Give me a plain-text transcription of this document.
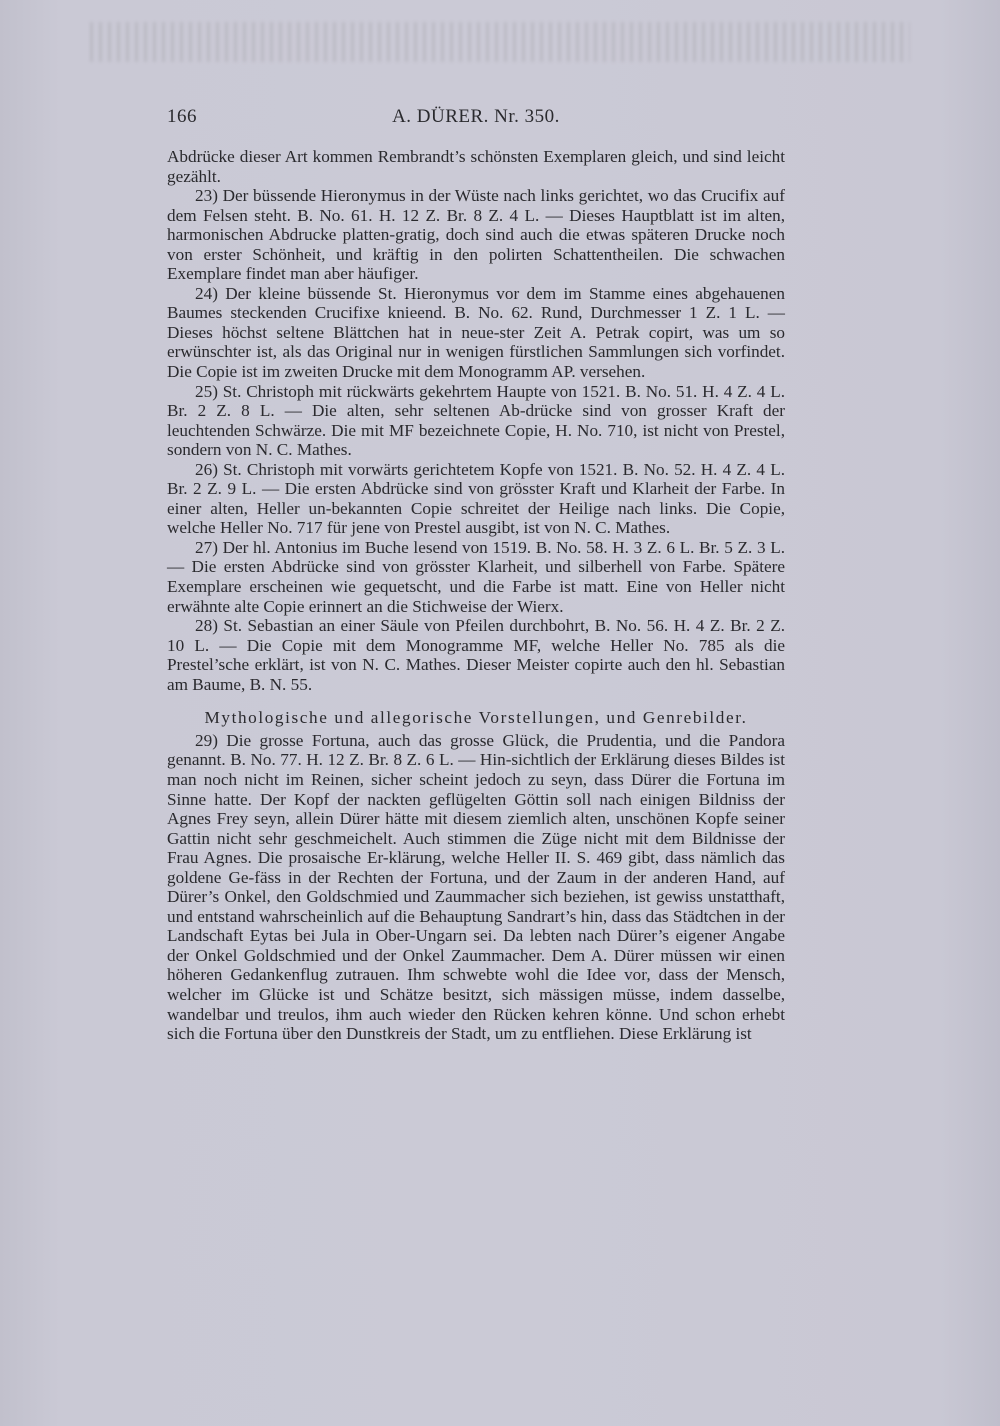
166	A. DÜRER. Nr. 350.

Abdrücke dieser Art kommen Rembrandt’s schönsten Exemplaren gleich, und sind leicht gezählt.

23) Der büssende Hieronymus in der Wüste nach links gerichtet, wo das Crucifix auf dem Felsen steht. B. No. 61. H. 12 Z. Br. 8 Z. 4 L. — Dieses Hauptblatt ist im alten, harmonischen Abdrucke platten-gratig, doch sind auch die etwas späteren Drucke noch von erster Schönheit, und kräftig in den polirten Schattentheilen. Die schwachen Exemplare findet man aber häufiger.

24) Der kleine büssende St. Hieronymus vor dem im Stamme eines abgehauenen Baumes steckenden Crucifixe knieend. B. No. 62. Rund, Durchmesser 1 Z. 1 L. — Dieses höchst seltene Blättchen hat in neue-ster Zeit A. Petrak copirt, was um so erwünschter ist, als das Original nur in wenigen fürstlichen Sammlungen sich vorfindet. Die Copie ist im zweiten Drucke mit dem Monogramm AP. versehen.

25) St. Christoph mit rückwärts gekehrtem Haupte von 1521. B. No. 51. H. 4 Z. 4 L. Br. 2 Z. 8 L. — Die alten, sehr seltenen Ab-drücke sind von grosser Kraft der leuchtenden Schwärze. Die mit MF bezeichnete Copie, H. No. 710, ist nicht von Prestel, sondern von N. C. Mathes.

26) St. Christoph mit vorwärts gerichtetem Kopfe von 1521. B. No. 52. H. 4 Z. 4 L. Br. 2 Z. 9 L. — Die ersten Abdrücke sind von grösster Kraft und Klarheit der Farbe. In einer alten, Heller un-bekannten Copie schreitet der Heilige nach links. Die Copie, welche Heller No. 717 für jene von Prestel ausgibt, ist von N. C. Mathes.

27) Der hl. Antonius im Buche lesend von 1519. B. No. 58. H. 3 Z. 6 L. Br. 5 Z. 3 L. — Die ersten Abdrücke sind von grösster Klarheit, und silberhell von Farbe. Spätere Exemplare erscheinen wie gequetscht, und die Farbe ist matt. Eine von Heller nicht erwähnte alte Copie erinnert an die Stichweise der Wierx.

28) St. Sebastian an einer Säule von Pfeilen durchbohrt, B. No. 56. H. 4 Z. Br. 2 Z. 10 L. — Die Copie mit dem Monogramme MF, welche Heller No. 785 als die Prestel’sche erklärt, ist von N. C. Mathes. Dieser Meister copirte auch den hl. Sebastian am Baume, B. N. 55.

Mythologische und allegorische Vorstellungen, und Genrebilder.

29) Die grosse Fortuna, auch das grosse Glück, die Prudentia, und die Pandora genannt. B. No. 77. H. 12 Z. Br. 8 Z. 6 L. — Hin-sichtlich der Erklärung dieses Bildes ist man noch nicht im Reinen, sicher scheint jedoch zu seyn, dass Dürer die Fortuna im Sinne hatte. Der Kopf der nackten geflügelten Göttin soll nach einigen Bildniss der Agnes Frey seyn, allein Dürer hätte mit diesem ziemlich alten, unschönen Kopfe seiner Gattin nicht sehr geschmeichelt. Auch stimmen die Züge nicht mit dem Bildnisse der Frau Agnes. Die prosaische Er-klärung, welche Heller II. S. 469 gibt, dass nämlich das goldene Ge-fäss in der Rechten der Fortuna, und der Zaum in der anderen Hand, auf Dürer’s Onkel, den Goldschmied und Zaummacher sich beziehen, ist gewiss unstatthaft, und entstand wahrscheinlich auf die Behauptung Sandrart’s hin, dass das Städtchen in der Landschaft Eytas bei Jula in Ober-Ungarn sei. Da lebten nach Dürer’s eigener Angabe der Onkel Goldschmied und der Onkel Zaummacher. Dem A. Dürer müssen wir einen höheren Gedankenflug zutrauen. Ihm schwebte wohl die Idee vor, dass der Mensch, welcher im Glücke ist und Schätze besitzt, sich mässigen müsse, indem dasselbe, wandelbar und treulos, ihm auch wieder den Rücken kehren könne. Und schon erhebt sich die Fortuna über den Dunstkreis der Stadt, um zu entfliehen. Diese Erklärung ist
